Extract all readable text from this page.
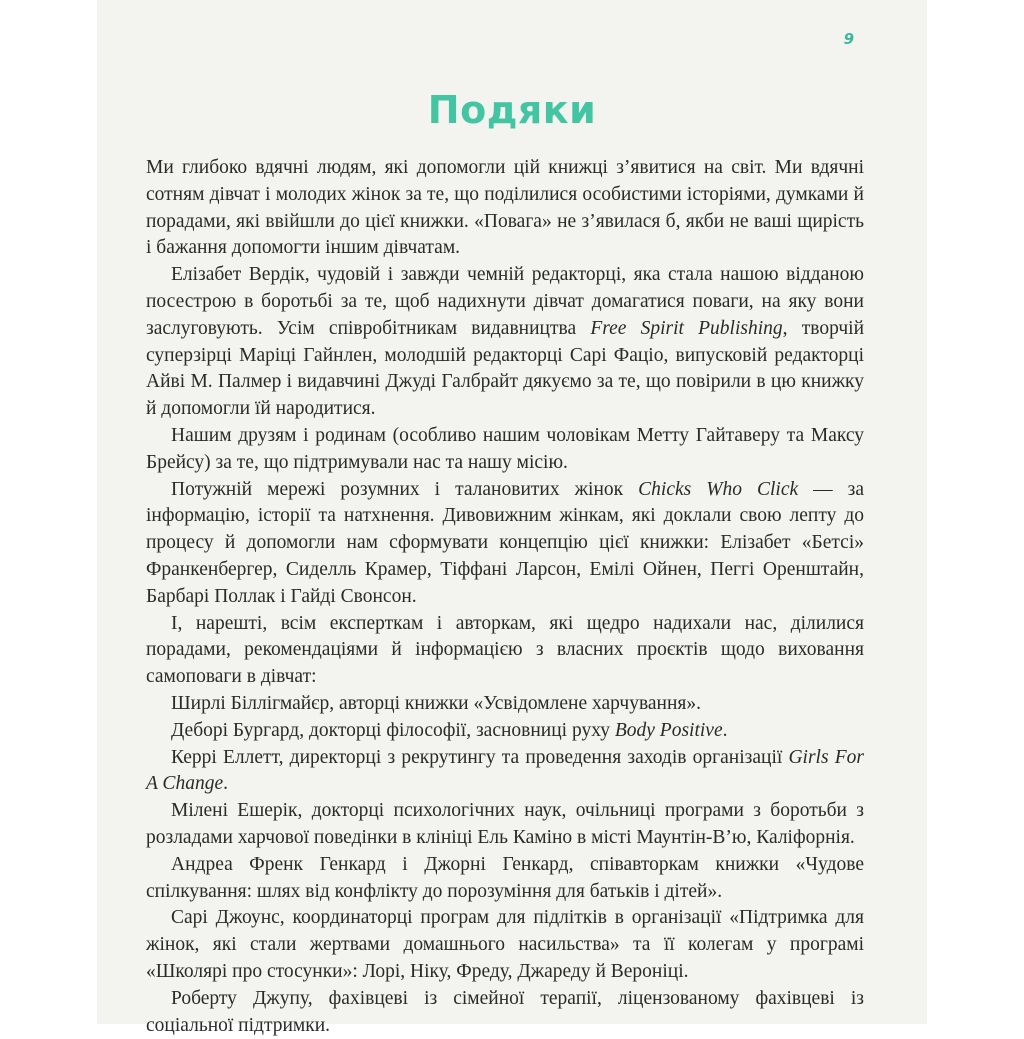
9
Подяки

Ми глибоко вдячні людям, які допомогли цій книжці з’явитися на світ. Ми вдячні сотням дівчат і молодих жінок за те, що поділилися особистими історіями, думками й порадами, які ввійшли до цієї книжки. «Повага» не з’явилася б, якби не ваші щирість і бажання допомогти іншим дівчатам.

Елізабет Вердік, чудовій і завжди чемній редакторці, яка стала нашою відданою посестрою в боротьбі за те, щоб надихнути дівчат домагатися поваги, на яку вони заслуговують. Усім співробітникам видавництва Free Spirit Publishing, творчій суперзірці Маріці Гайнлен, молодшій редакторці Сарі Фаціо, випусковій редакторці Айві М. Палмер і видавчині Джуді Галбрайт дякуємо за те, що повірили в цю книжку й допомогли їй народитися.

Нашим друзям і родинам (особливо нашим чоловікам Метту Гайтаверу та Максу Брейсу) за те, що підтримували нас та нашу місію.

Потужній мережі розумних і талановитих жінок Chicks Who Click — за інформацію, історії та натхнення. Дивовижним жінкам, які доклали свою лепту до процесу й допомогли нам сформувати концепцію цієї книжки: Елізабет «Бетсі» Франкенбергер, Сиделль Крамер, Тіффані Ларсон, Емілі Ойнен, Пеггі Оренштайн, Барбарі Поллак і Гайді Свонсон.

І, нарешті, всім експерткам і авторкам, які щедро надихали нас, ділилися порадами, рекомендаціями й інформацією з власних проєктів щодо виховання самоповаги в дівчат:

Ширлі Біллігмайєр, авторці книжки «Усвідомлене харчування».

Деборі Бургард, докторці філософії, засновниці руху Body Positive.

Керрі Еллетт, директорці з рекрутингу та проведення заходів організації Girls For A Change.

Мілені Ешерік, докторці психологічних наук, очільниці програми з боротьби з розладами харчової поведінки в клініці Ель Каміно в місті Маунтін-В’ю, Каліфорнія.

Андреа Френк Генкард і Джорні Генкард, співавторкам книжки «Чудове спілкування: шлях від конфлікту до порозуміння для батьків і дітей».

Сарі Джоунс, координаторці програм для підлітків в організації «Підтримка для жінок, які стали жертвами домашнього насильства» та її колегам у програмі «Школярі про стосунки»: Лорі, Ніку, Фреду, Джареду й Вероніці.

Роберту Джупу, фахівцеві із сімейної терапії, ліцензованому фахівцеві із соціальної підтримки.
